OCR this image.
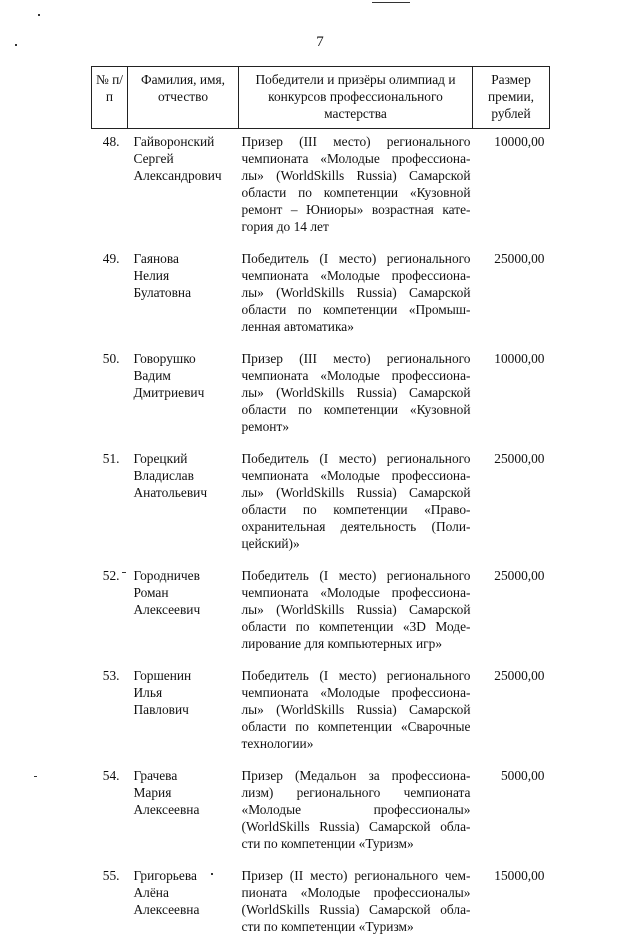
7
№ п/п	Фамилия, имя, отчество	Победители и призёры олимпиад и конкурсов профессионального мастерства	Размер премии, рублей
48.	Гайворонский
Сергей
Александрович	Призер (III место) регионального чемпионата «Молодые профессиона-лы» (WorldSkills Russia) Самарской области по компетенции «Кузовной ремонт – Юниоры» возрастная кате-гория до 14 лет	10000,00
49.	Гаянова
Нелия
Булатовна	Победитель (I место) регионального чемпионата «Молодые профессиона-лы» (WorldSkills Russia) Самарской области по компетенции «Промыш-ленная автоматика»	25000,00
50.	Говорушко
Вадим
Дмитриевич	Призер (III место) регионального чемпионата «Молодые профессиона-лы» (WorldSkills Russia) Самарской области по компетенции «Кузовной ремонт»	10000,00
51.	Горецкий
Владислав
Анатольевич	Победитель (I место) регионального чемпионата «Молодые профессиона-лы» (WorldSkills Russia) Самарской области по компетенции «Право-охранительная деятельность (Поли-цейский)»	25000,00
52.	Городничев
Роман
Алексеевич	Победитель (I место) регионального чемпионата «Молодые профессиона-лы» (WorldSkills Russia) Самарской области по компетенции «3D Моде-лирование для компьютерных игр»	25000,00
53.	Горшенин
Илья
Павлович	Победитель (I место) регионального чемпионата «Молодые профессиона-лы» (WorldSkills Russia) Самарской области по компетенции «Сварочные технологии»	25000,00
54.	Грачева
Мария
Алексеевна	Призер (Медальон за профессиона-лизм) регионального чемпионата «Молодые профессионалы» (WorldSkills Russia) Самарской обла-сти по компетенции «Туризм»	5000,00
55.	Григорьева
Алёна
Алексеевна	Призер (II место) регионального чем-пионата «Молодые профессионалы» (WorldSkills Russia) Самарской обла-сти по компетенции «Туризм»	15000,00
